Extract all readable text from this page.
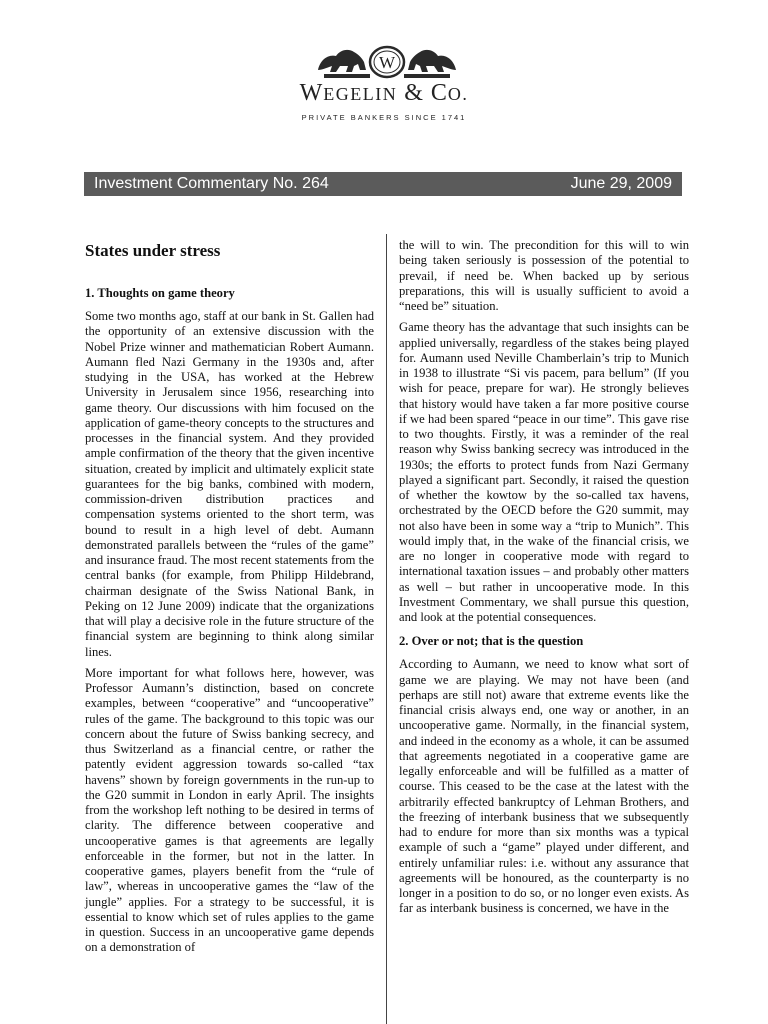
W
WEGELIN & CO.
PRIVATE BANKERS SINCE 1741
Investment Commentary No. 264	June 29, 2009
States under stress
1. Thoughts on game theory

Some two months ago, staff at our bank in St. Gallen had the opportunity of an extensive discussion with the Nobel Prize winner and mathematician Robert Aumann. Aumann fled Nazi Germany in the 1930s and, after studying in the USA, has worked at the Hebrew University in Jerusalem since 1956, researching into game theory. Our discussions with him focused on the application of game-theory concepts to the structures and processes in the financial system. And they provided ample confirmation of the theory that the given incentive situation, created by implicit and ultimately explicit state guarantees for the big banks, combined with modern, commission-driven distribution practices and compensation systems oriented to the short term, was bound to result in a high level of debt. Aumann demonstrated parallels between the “rules of the game” and insurance fraud. The most recent statements from the central banks (for example, from Philipp Hildebrand, chairman designate of the Swiss National Bank, in Peking on 12 June 2009) indicate that the organizations that will play a decisive role in the future structure of the financial system are beginning to think along similar lines.

More important for what follows here, however, was Professor Aumann’s distinction, based on concrete examples, between “cooperative” and “uncooperative” rules of the game. The background to this topic was our concern about the future of Swiss banking secrecy, and thus Switzerland as a financial centre, or rather the patently evident aggression towards so-called “tax havens” shown by foreign governments in the run-up to the G20 summit in London in early April. The insights from the workshop left nothing to be desired in terms of clarity. The difference between cooperative and uncooperative games is that agreements are legally enforceable in the former, but not in the latter. In cooperative games, players benefit from the “rule of law”, whereas in uncooperative games the “law of the jungle” applies. For a strategy to be successful, it is essential to know which set of rules applies to the game in question. Success in an uncooperative game depends on a demonstration of

the will to win. The precondition for this will to win being taken seriously is possession of the potential to prevail, if need be. When backed up by serious preparations, this will is usually sufficient to avoid a “need be” situation.

Game theory has the advantage that such insights can be applied universally, regardless of the stakes being played for. Aumann used Neville Chamberlain’s trip to Munich in 1938 to illustrate “Si vis pacem, para bellum” (If you wish for peace, prepare for war). He strongly believes that history would have taken a far more positive course if we had been spared “peace in our time”. This gave rise to two thoughts. Firstly, it was a reminder of the real reason why Swiss banking secrecy was introduced in the 1930s; the efforts to protect funds from Nazi Germany played a significant part. Secondly, it raised the question of whether the kowtow by the so-called tax havens, orchestrated by the OECD before the G20 summit, may not also have been in some way a “trip to Munich”. This would imply that, in the wake of the financial crisis, we are no longer in cooperative mode with regard to international taxation issues – and probably other matters as well – but rather in uncooperative mode. In this Investment Commentary, we shall pursue this question, and look at the potential consequences.

2. Over or not; that is the question

According to Aumann, we need to know what sort of game we are playing. We may not have been (and perhaps are still not) aware that extreme events like the financial crisis always end, one way or another, in an uncooperative game. Normally, in the financial system, and indeed in the economy as a whole, it can be assumed that agreements negotiated in a cooperative game are legally enforceable and will be fulfilled as a matter of course. This ceased to be the case at the latest with the arbitrarily effected bankruptcy of Lehman Brothers, and the freezing of interbank business that we subsequently had to endure for more than six months was a typical example of such a “game” played under different, and entirely unfamiliar rules: i.e. without any assurance that agreements will be honoured, as the counterparty is no longer in a position to do so, or no longer even exists. As far as interbank business is concerned, we have in the
